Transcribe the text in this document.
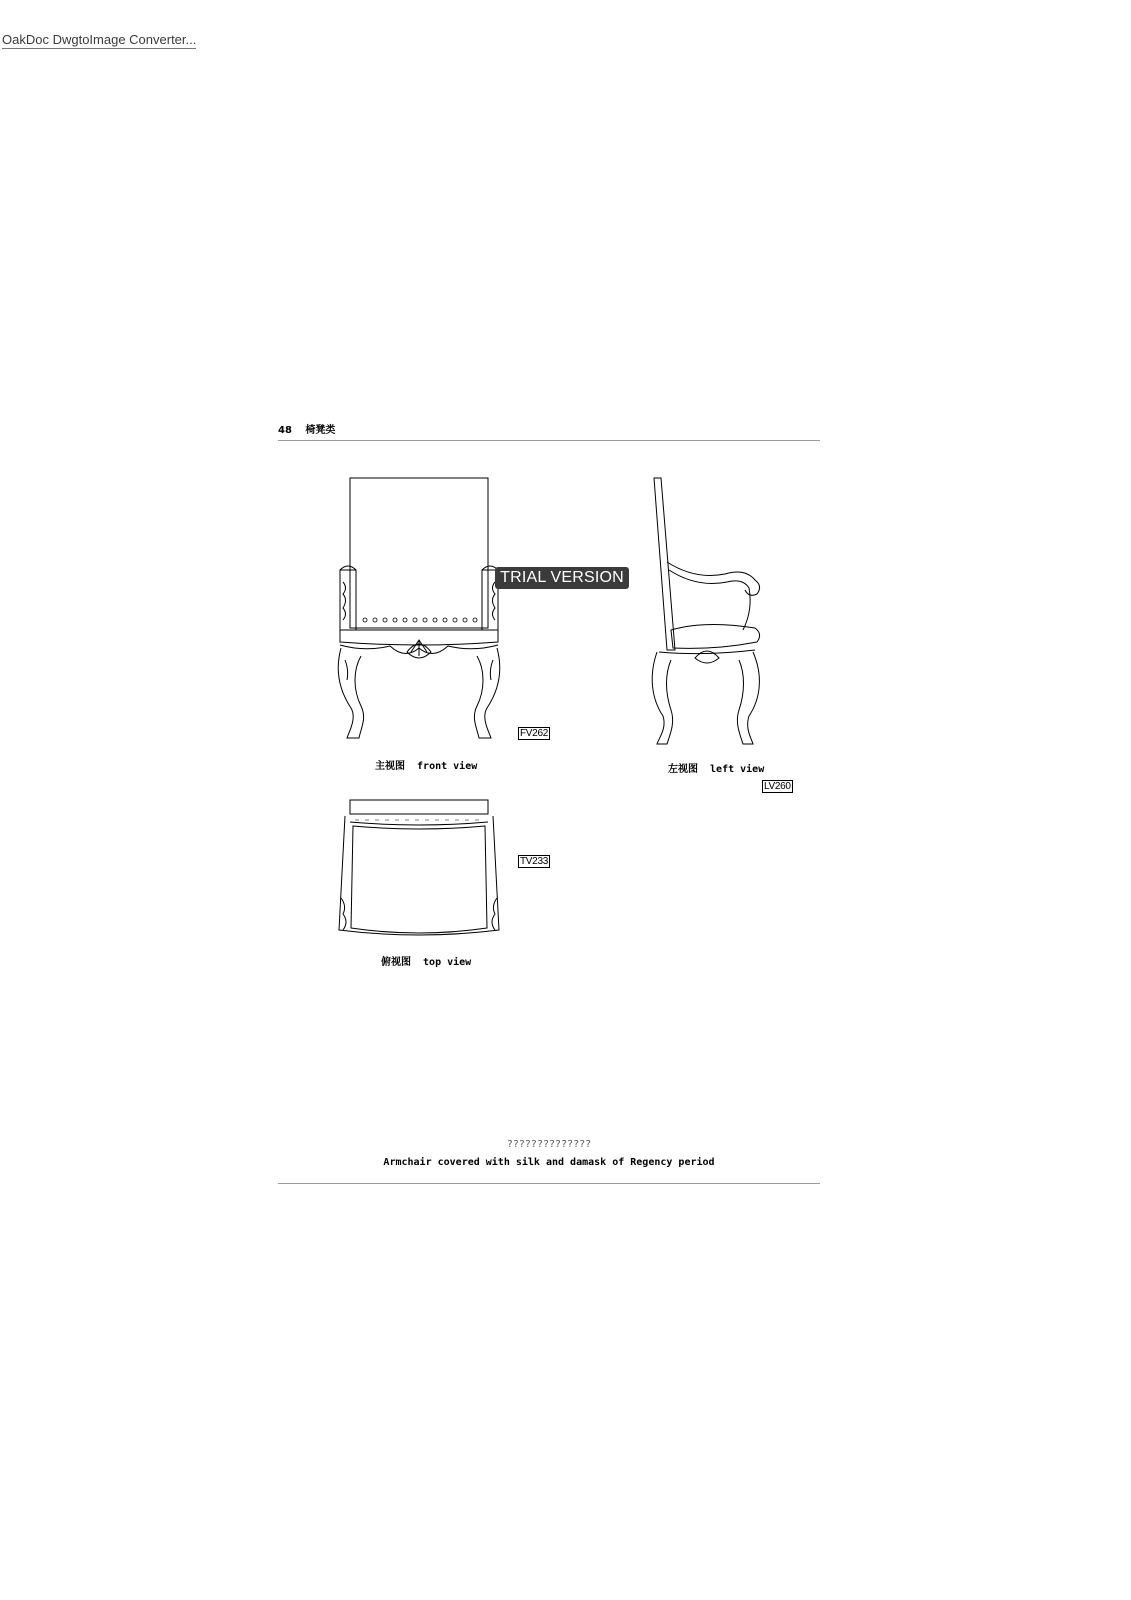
OakDoc DwgtoImage Converter...
48 椅凳类
主视图  front view
FV262
左视图  left view
LV260
俯视图  top view
TV233
TRIAL VERSION
??????????????
Armchair covered with silk and damask of Regency period
